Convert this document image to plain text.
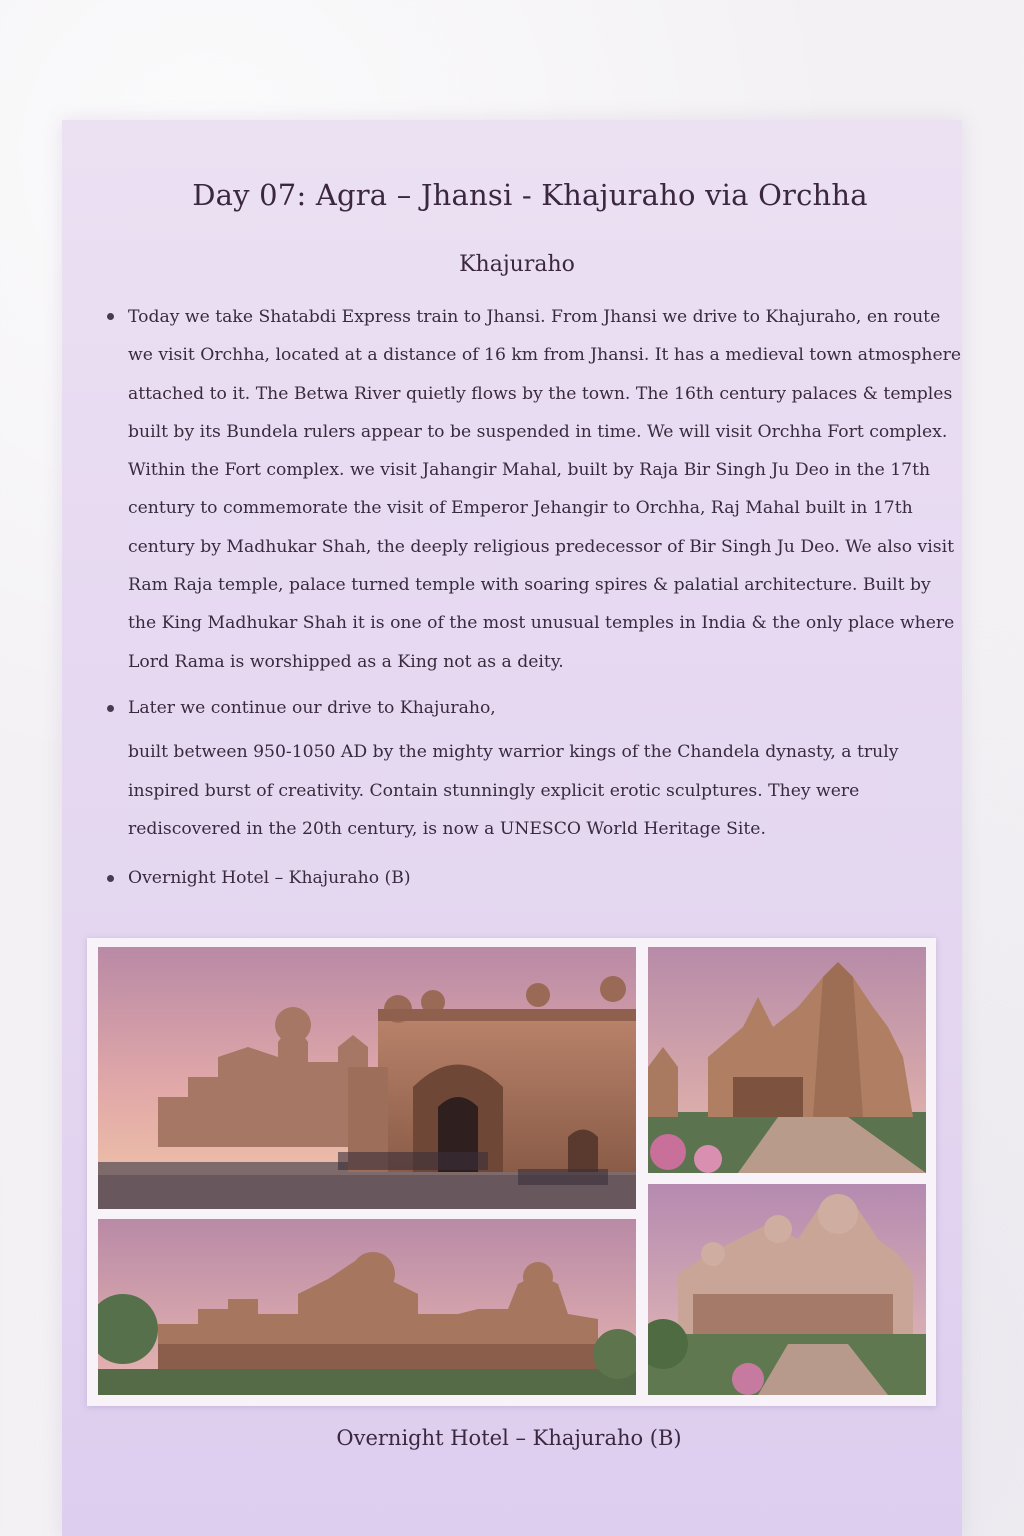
Day 07: Agra – Jhansi - Khajuraho via Orchha
Khajuraho
Today we take Shatabdi Express train to Jhansi. From Jhansi we drive to Khajuraho, en route we visit Orchha, located at a distance of 16 km from Jhansi. It has a medieval town atmosphere attached to it. The Betwa River quietly flows by the town. The 16th century palaces & temples built by its Bundela rulers appear to be suspended in time. We will visit Orchha Fort complex. Within the Fort complex. we visit Jahangir Mahal, built by Raja Bir Singh Ju Deo in the 17th century to commemorate the visit of Emperor Jehangir to Orchha, Raj Mahal built in 17th century by Madhukar Shah, the deeply religious predecessor of Bir Singh Ju Deo. We also visit Ram Raja temple, palace turned temple with soaring spires & palatial architecture. Built by the King Madhukar Shah it is one of the most unusual temples in India & the only place where Lord Rama is worshipped as a King not as a deity.
Later we continue our drive to Khajuraho,
built between 950-1050 AD by the mighty warrior kings of the Chandela dynasty, a truly inspired burst of creativity. Contain stunningly explicit erotic sculptures. They were rediscovered in the 20th century, is now a UNESCO World Heritage Site.
Overnight Hotel – Khajuraho (B)
Overnight Hotel – Khajuraho (B)
